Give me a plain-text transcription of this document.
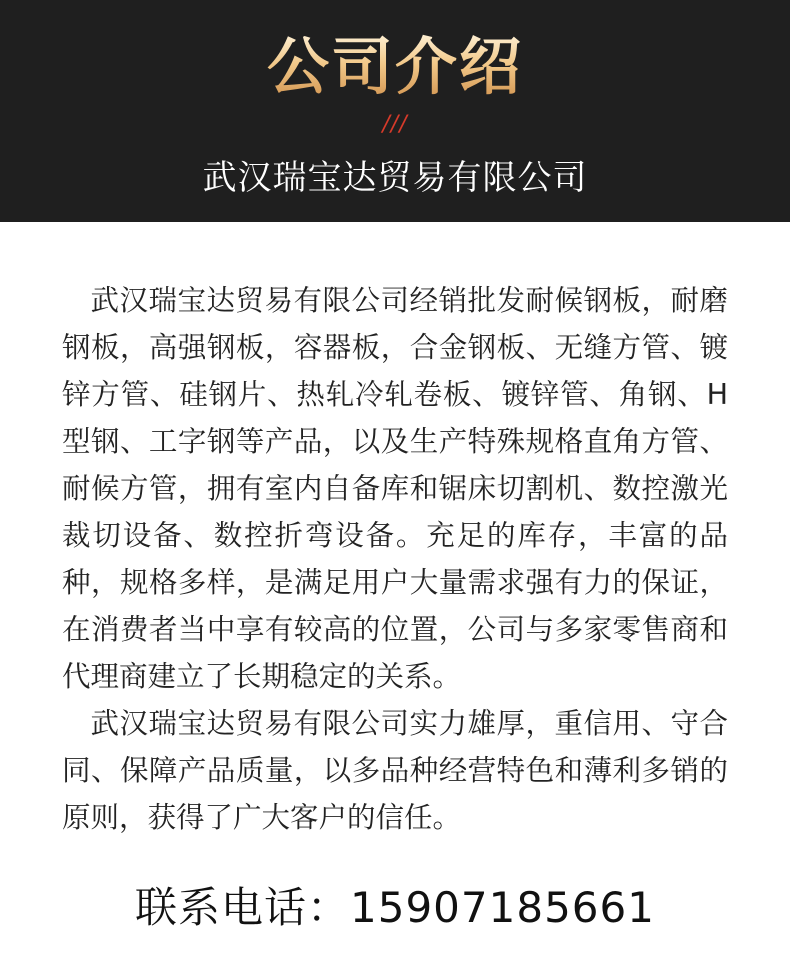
公司介绍
///
武汉瑞宝达贸易有限公司

武汉瑞宝达贸易有限公司经销批发耐候钢板，耐磨钢板，高强钢板，容器板，合金钢板、无缝方管、镀锌方管、硅钢片、热轧冷轧卷板、镀锌管、角钢、H型钢、工字钢等产品，以及生产特殊规格直角方管、耐候方管，拥有室内自备库和锯床切割机、数控激光裁切设备、数控折弯设备。充足的库存，丰富的品种，规格多样，是满足用户大量需求强有力的保证，在消费者当中享有较高的位置，公司与多家零售商和代理商建立了长期稳定的关系。

武汉瑞宝达贸易有限公司实力雄厚，重信用、守合同、保障产品质量，以多品种经营特色和薄利多销的原则，获得了广大客户的信任。

联系电话：15907185661
